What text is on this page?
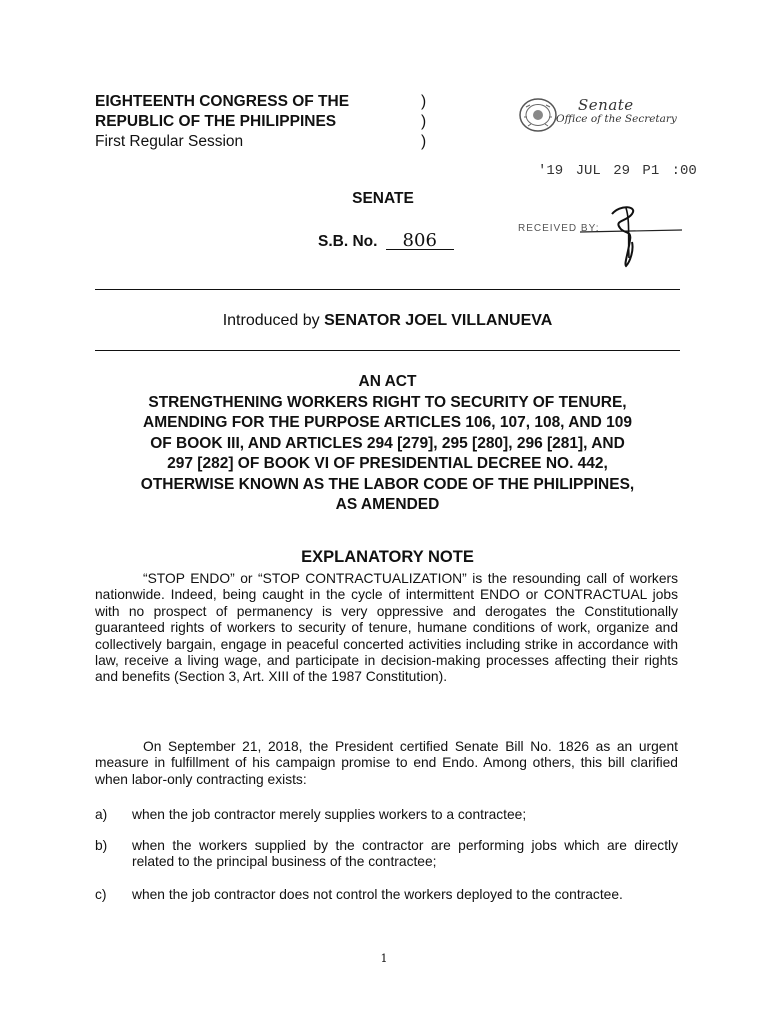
EIGHTEENTH CONGRESS OF THE
REPUBLIC OF THE PHILIPPINES
First Regular Session
)
)
)
Senate
Office of the Secretary
'19 JUL 29 P1 :00
RECEIVED BY:
SENATE
S.B. No. 806
Introduced by SENATOR JOEL VILLANUEVA
AN ACT
STRENGTHENING WORKERS RIGHT TO SECURITY OF TENURE,
AMENDING FOR THE PURPOSE ARTICLES 106, 107, 108, AND 109
OF BOOK III, AND ARTICLES 294 [279], 295 [280], 296 [281], AND
297 [282] OF BOOK VI OF PRESIDENTIAL DECREE NO. 442,
OTHERWISE KNOWN AS THE LABOR CODE OF THE PHILIPPINES,
AS AMENDED
EXPLANATORY NOTE
“STOP ENDO” or “STOP CONTRACTUALIZATION” is the resounding call of workers nationwide. Indeed, being caught in the cycle of intermittent ENDO or CONTRACTUAL jobs with no prospect of permanency is very oppressive and derogates the Constitutionally guaranteed rights of workers to security of tenure, humane conditions of work, organize and collectively bargain, engage in peaceful concerted activities including strike in accordance with law, receive a living wage, and participate in decision-making processes affecting their rights and benefits (Section 3, Art. XIII of the 1987 Constitution).
On September 21, 2018, the President certified Senate Bill No. 1826 as an urgent measure in fulfillment of his campaign promise to end Endo. Among others, this bill clarified when labor-only contracting exists:
a) when the job contractor merely supplies workers to a contractee;
b) when the workers supplied by the contractor are performing jobs which are directly related to the principal business of the contractee;
c) when the job contractor does not control the workers deployed to the contractee.
1
